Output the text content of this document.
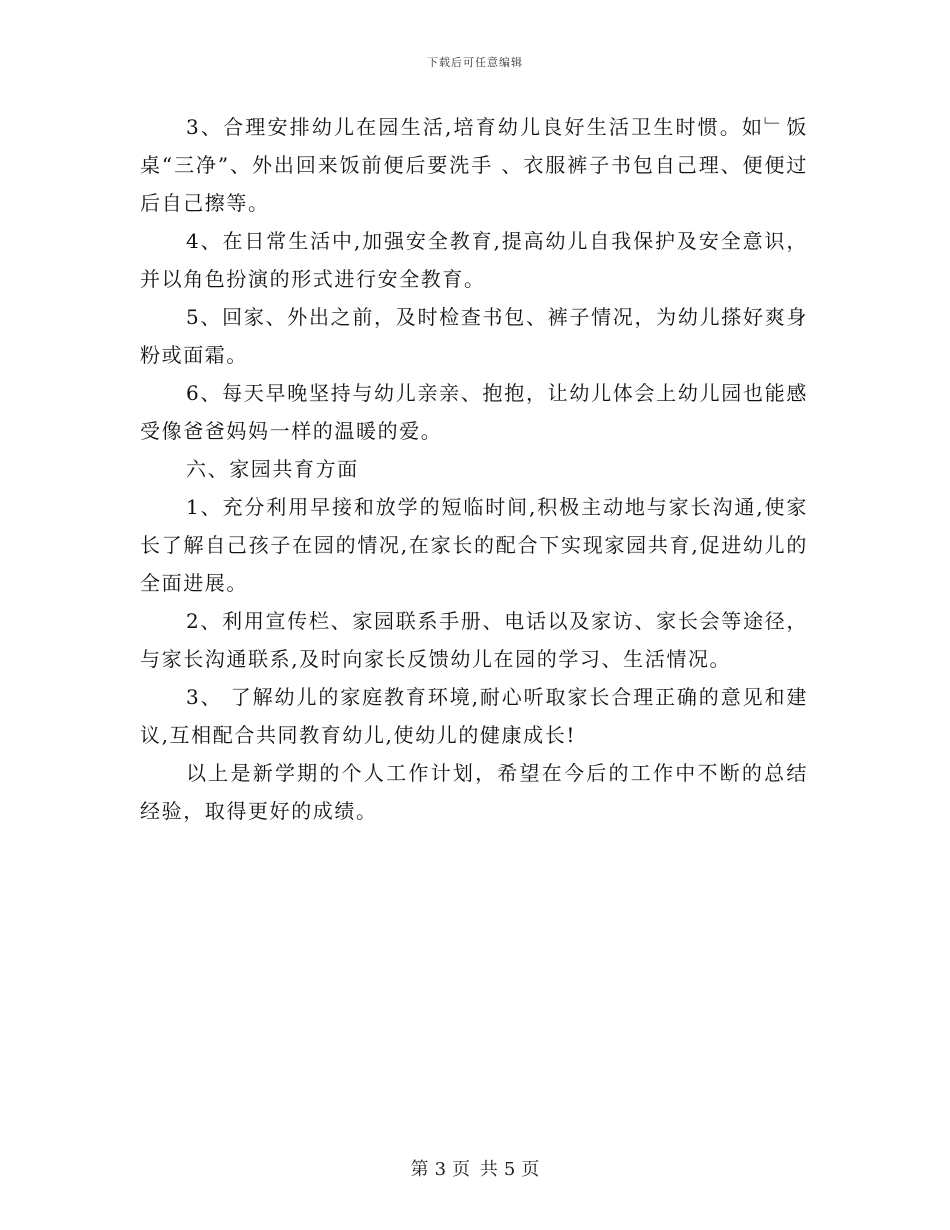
下载后可任意编辑

3、合理安排幼儿在园生活,培育幼儿良好生活卫生时惯。如﹂饭桌“三净”、外出回来饭前便后要洗手 、衣服裤子书包自己理、便便过后自己擦等。

4、在日常生活中,加强安全教育,提高幼儿自我保护及安全意识，并以角色扮演的形式进行安全教育。

5、回家、外出之前，及时检查书包、裤子情况，为幼儿搽好爽身粉或面霜。

6、每天早晚坚持与幼儿亲亲、抱抱，让幼儿体会上幼儿园也能感受像爸爸妈妈一样的温暖的爱。

六、家园共育方面

1、充分利用早接和放学的短临时间,积极主动地与家长沟通,使家长了解自己孩子在园的情况,在家长的配合下实现家园共育,促进幼儿的全面进展。

2、利用宣传栏、家园联系手册、电话以及家访、家长会等途径，与家长沟通联系,及时向家长反馈幼儿在园的学习、生活情况。

3、 了解幼儿的家庭教育环境,耐心听取家长合理正确的意见和建议,互相配合共同教育幼儿,使幼儿的健康成长!

以上是新学期的个人工作计划，希望在今后的工作中不断的总结经验，取得更好的成绩。

第 3 页 共 5 页
